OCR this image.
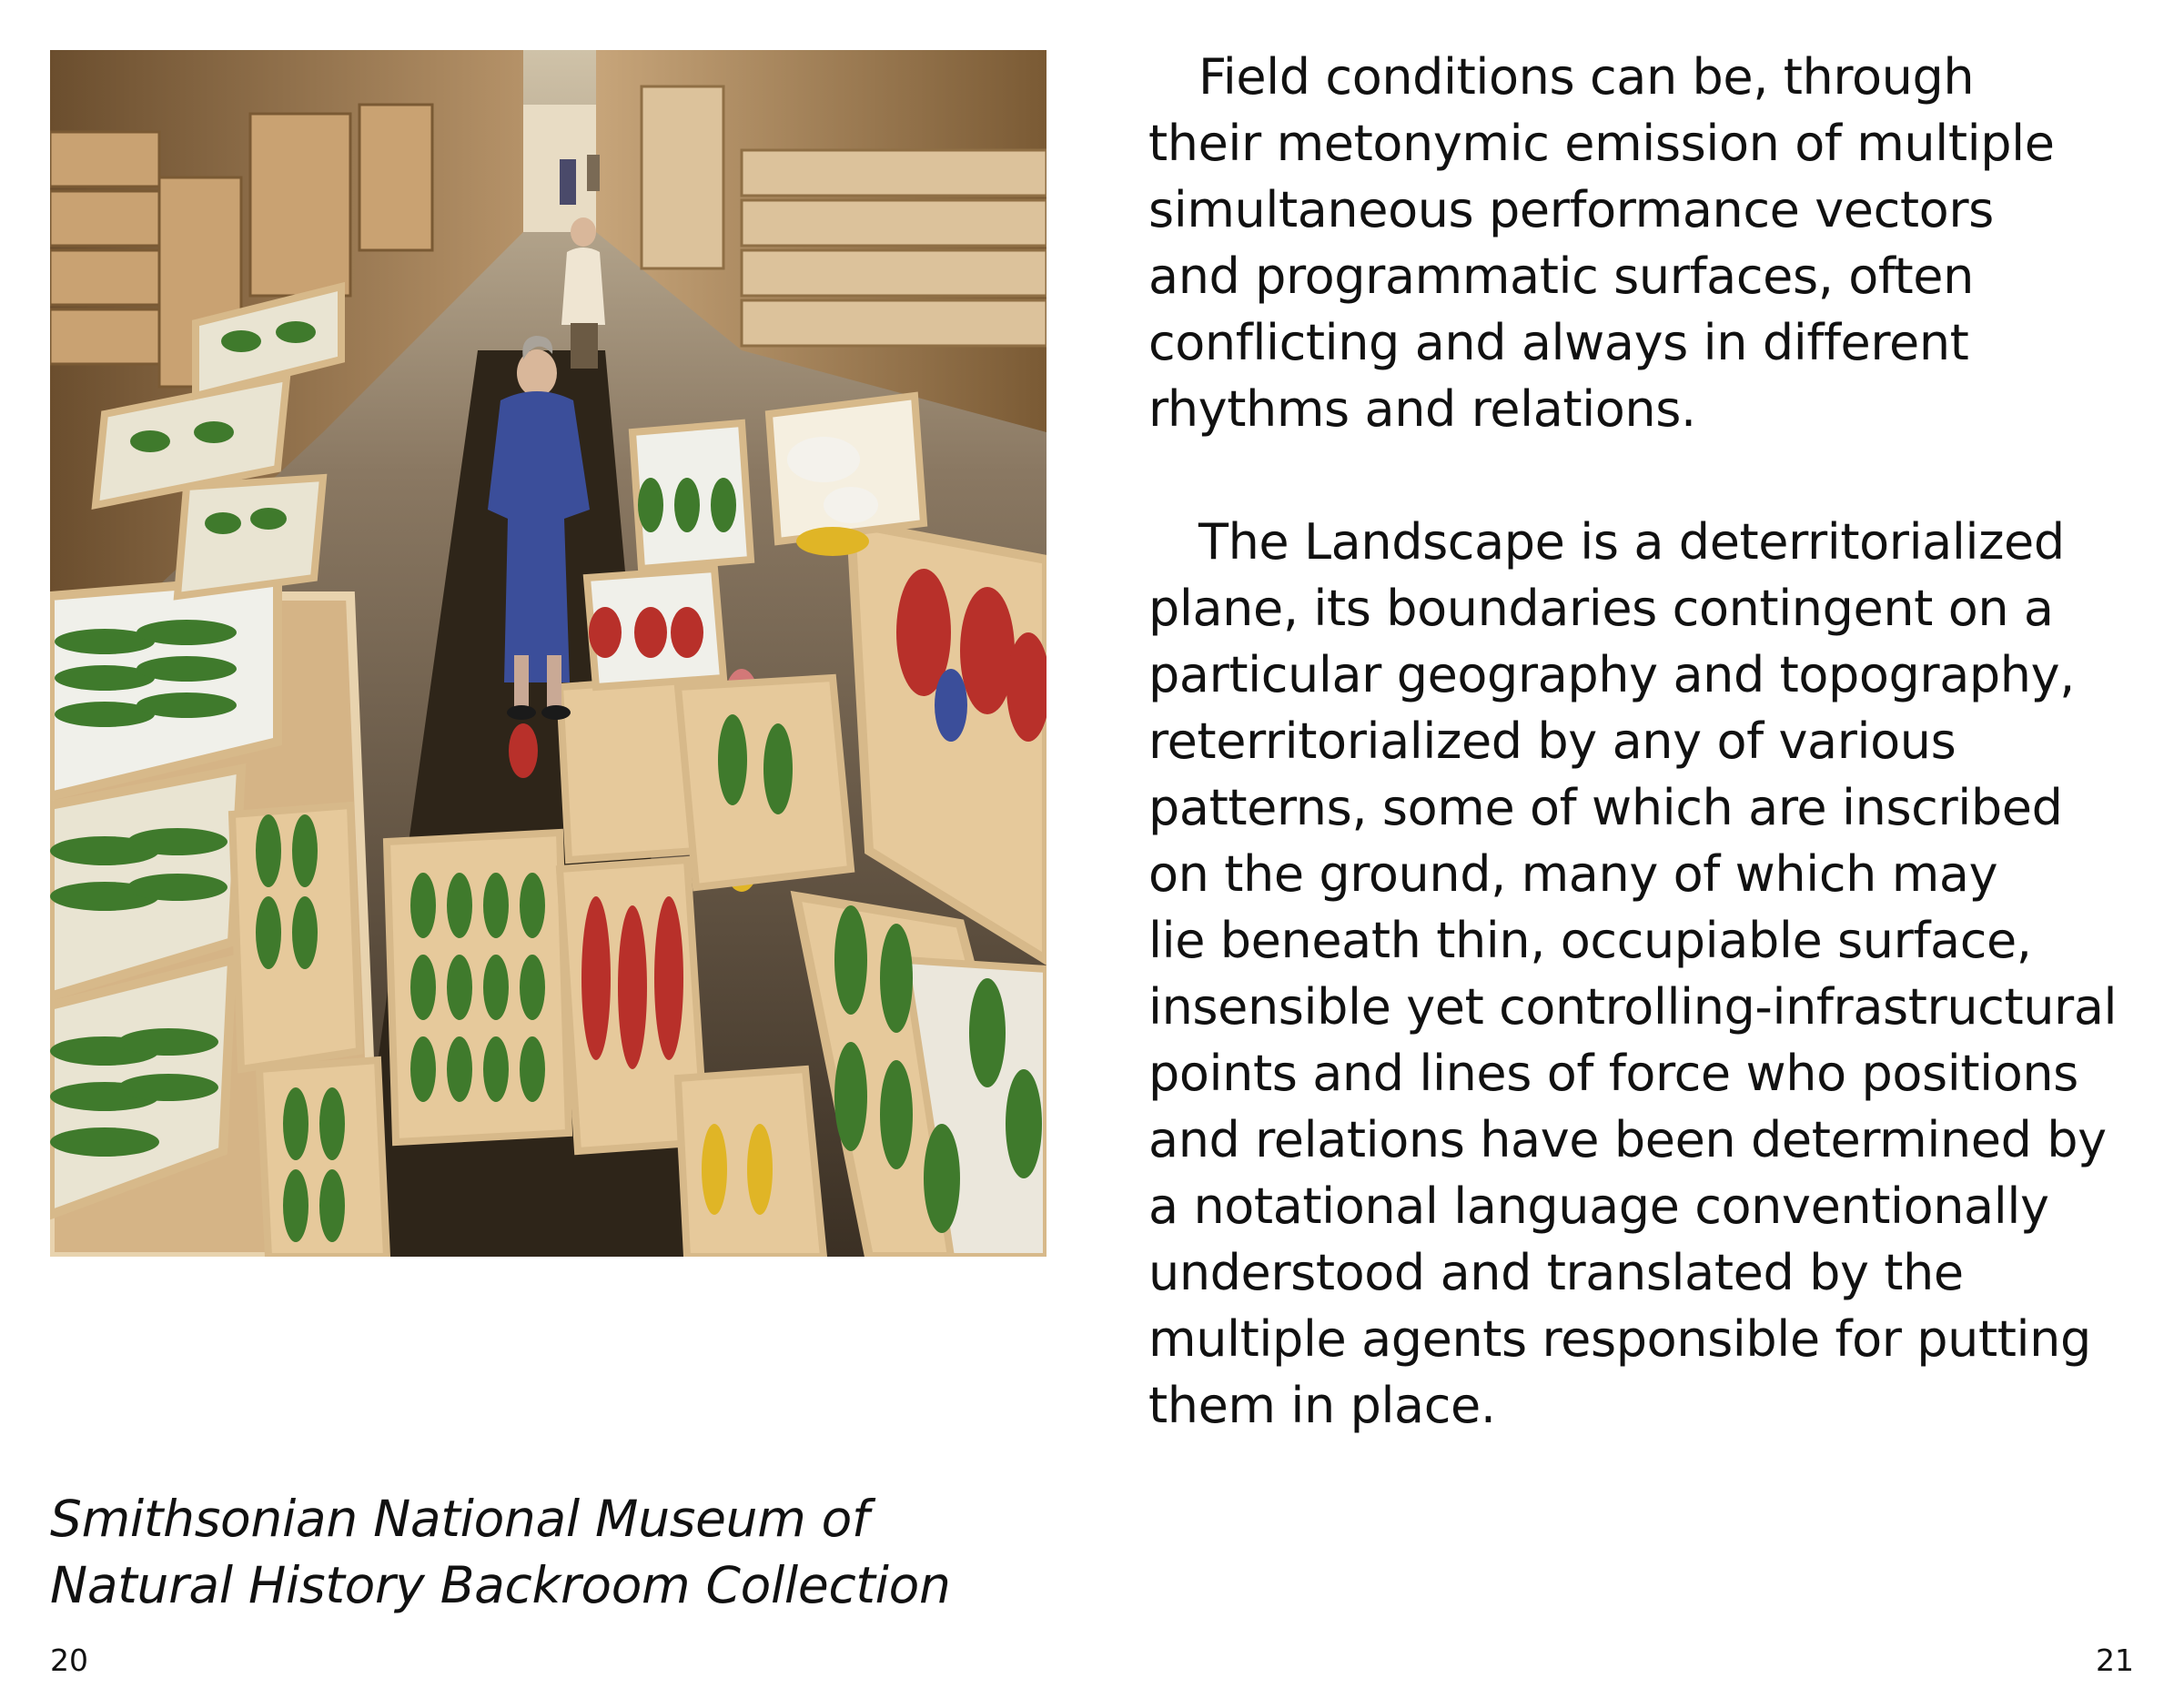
Smithsonian National Museum of
Natural History Backroom Collection
20

Field conditions can be, through
their metonymic emission of multiple
simultaneous performance vectors
and programmatic surfaces, often
conflicting and always in different
rhythms and relations.

The Landscape is a deterritorialized
plane, its boundaries contingent on a
particular geography and topography,
reterritorialized by any of various
patterns, some of which are inscribed
on the ground, many of which may
lie beneath thin, occupiable surface,
insensible yet controlling-infrastructural
points and lines of force who positions
and relations have been determined by
a notational language conventionally
understood and translated by the
multiple agents responsible for putting
them in place.

21
